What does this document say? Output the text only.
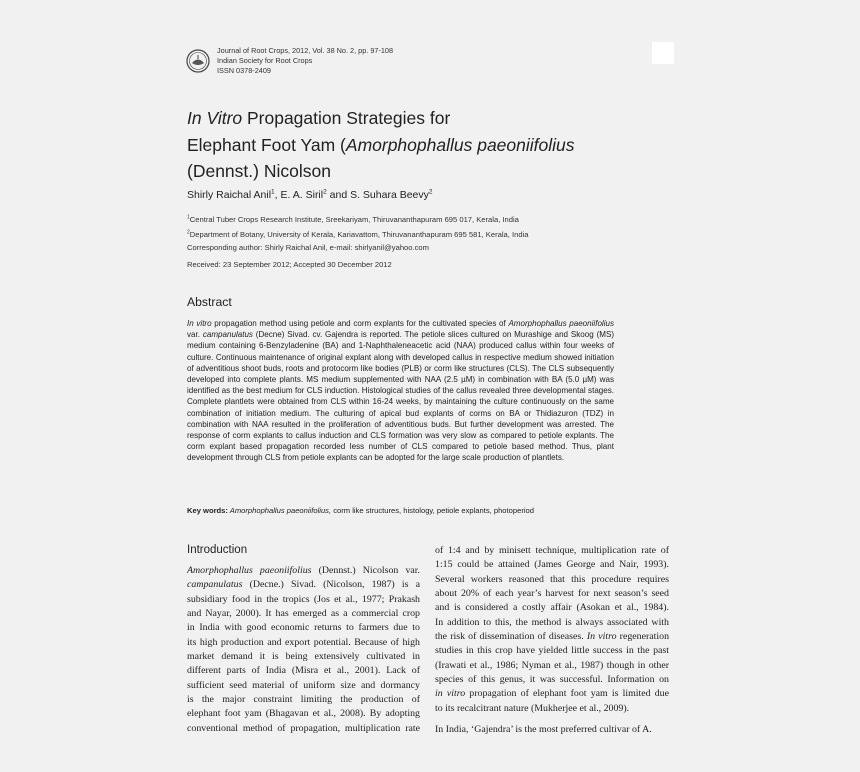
Journal of Root Crops, 2012, Vol. 38 No. 2, pp. 97-108
Indian Society for Root Crops
ISSN 0378-2409
In Vitro Propagation Strategies for
Elephant Foot Yam (Amorphophallus paeoniifolius
(Dennst.) Nicolson
Shirly Raichal Anil$^1$, E. A. Siril$^2$ and S. Suhara Beevy$^2$
$^1$Central Tuber Crops Research Institute, Sreekariyam, Thiruvananthapuram 695 017, Kerala, India
$^2$Department of Botany, University of Kerala, Kariavattom, Thiruvananthapuram 695 581, Kerala, India
Corresponding author: Shirly Raichal Anil, e-mail: shirlyanil@yahoo.com
Received: 23 September 2012; Accepted 30 December 2012
Abstract
In vitro propagation method using petiole and corm explants for the cultivated species of Amorphophallus paeoniifolius var. campanulatus (Decne) Sivad. cv. Gajendra is reported. The petiole slices cultured on Murashige and Skoog (MS) medium containing 6-Benzyladenine (BA) and 1-Naphthaleneacetic acid (NAA) produced callus within four weeks of culture. Continuous maintenance of original explant along with developed callus in respective medium showed initiation of adventitious shoot buds, roots and protocorm like bodies (PLB) or corm like structures (CLS). The CLS subsequently developed into complete plants. MS medium supplemented with NAA (2.5 µM) in combination with BA (5.0 µM) was identified as the best medium for CLS induction. Histological studies of the callus revealed three developmental stages. Complete plantlets were obtained from CLS within 16-24 weeks, by maintaining the culture continuously on the same combination of initiation medium. The culturing of apical bud explants of corms on BA or Thidiazuron (TDZ) in combination with NAA resulted in the proliferation of adventitious buds. But further development was arrested. The response of corm explants to callus induction and CLS formation was very slow as compared to petiole explants. The corm explant based propagation recorded less number of CLS compared to petiole based method. Thus, plant development through CLS from petiole explants can be adopted for the large scale production of plantlets.
Key words: Amorphophallus paeoniifolius, corm like structures, histology, petiole explants, photoperiod
Introduction
Amorphophallus paeoniifolius (Dennst.) Nicolson var.
campanulatus (Decne.) Sivad. (Nicolson, 1987) is a
subsidiary food in the tropics (Jos et al., 1977; Prakash
and Nayar, 2000). It has emerged as a commercial crop
in India with good economic returns to farmers due to
its high production and export potential. Because of high
market demand it is being extensively cultivated in
different parts of India (Misra et al., 2001). Lack of
sufficient seed material of uniform size and dormancy
is the major constraint limiting the production of
elephant foot yam (Bhagavan et al., 2008). By adopting
conventional method of propagation, multiplication rate
of 1:4 and by minisett technique, multiplication rate of
1:15 could be attained (James George and Nair, 1993).
Several workers reasoned that this procedure requires
about 20% of each year’s harvest for next season’s seed
and is considered a costly affair (Asokan et al., 1984).
In addition to this, the method is always associated with
the risk of dissemination of diseases. In vitro regeneration
studies in this crop have yielded little success in the past
(Irawati et al., 1986; Nyman et al., 1987) though in other
species of this genus, it was successful. Information on
in vitro propagation of elephant foot yam is limited due
to its recalcitrant nature (Mukherjee et al., 2009).
In India, ‘Gajendra’ is the most preferred cultivar of A.
